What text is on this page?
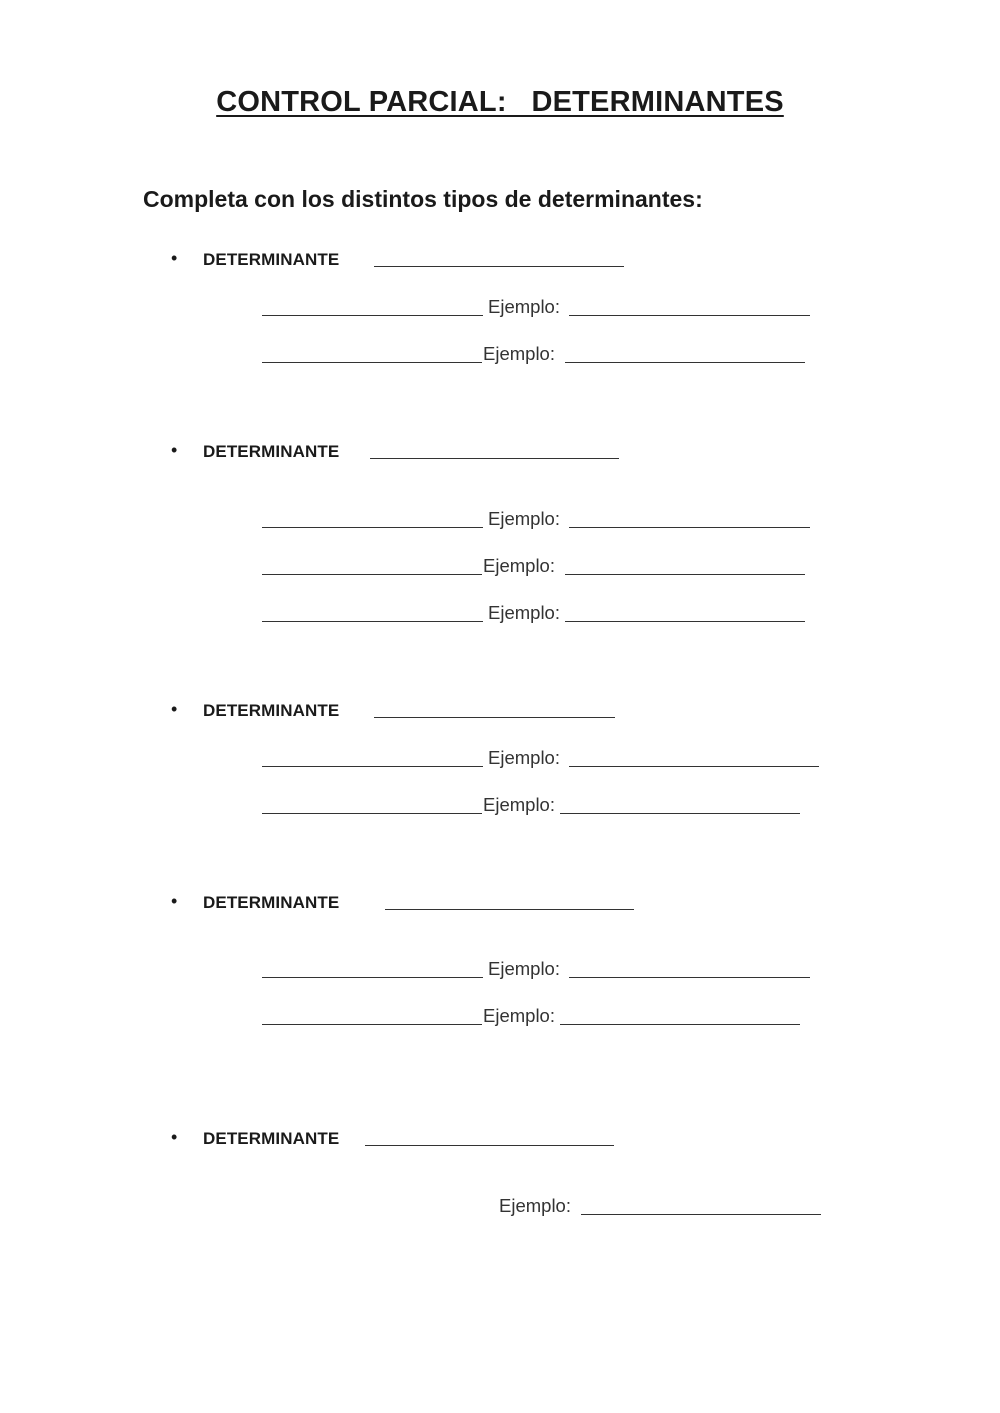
CONTROL PARCIAL:   DETERMINANTES

Completa con los distintos tipos de determinantes:

• DETERMINANTE
Ejemplo:
Ejemplo:
• DETERMINANTE
Ejemplo:
Ejemplo:
Ejemplo:
• DETERMINANTE
Ejemplo:
Ejemplo:
• DETERMINANTE
Ejemplo:
Ejemplo:
• DETERMINANTE
Ejemplo:
